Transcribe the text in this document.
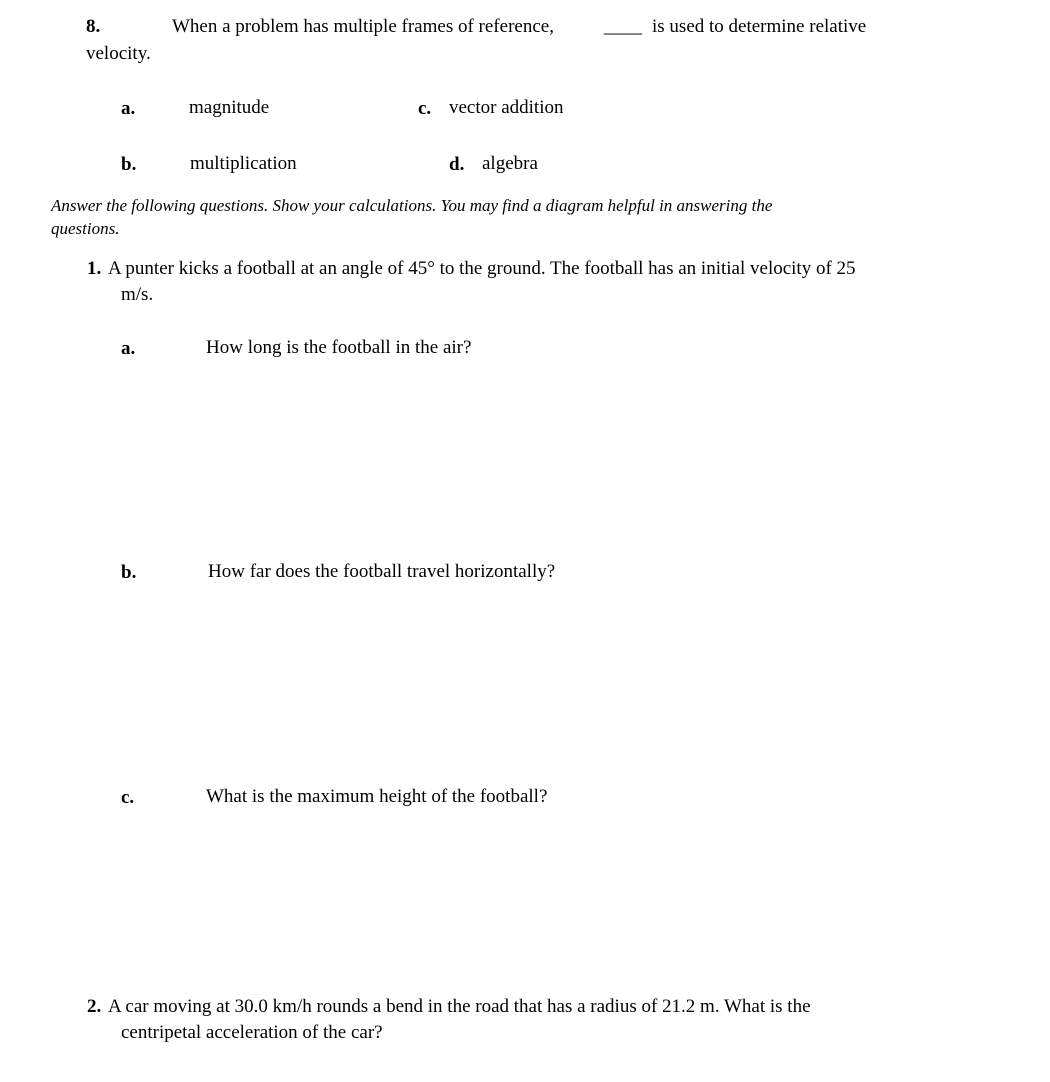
8.	When a problem has multiple frames of reference,	____ is used to determine relative
velocity.
a.	magnitude	c. vector addition
b.	multiplication	d. algebra
Answer the following questions. Show your calculations. You may find a diagram helpful in answering the
questions.
1. A punter kicks a football at an angle of 45° to the ground. The football has an initial velocity of 25
m/s.
a.	How long is the football in the air?
b.	How far does the football travel horizontally?
c.	What is the maximum height of the football?
2. A car moving at 30.0 km/h rounds a bend in the road that has a radius of 21.2 m. What is the
centripetal acceleration of the car?
